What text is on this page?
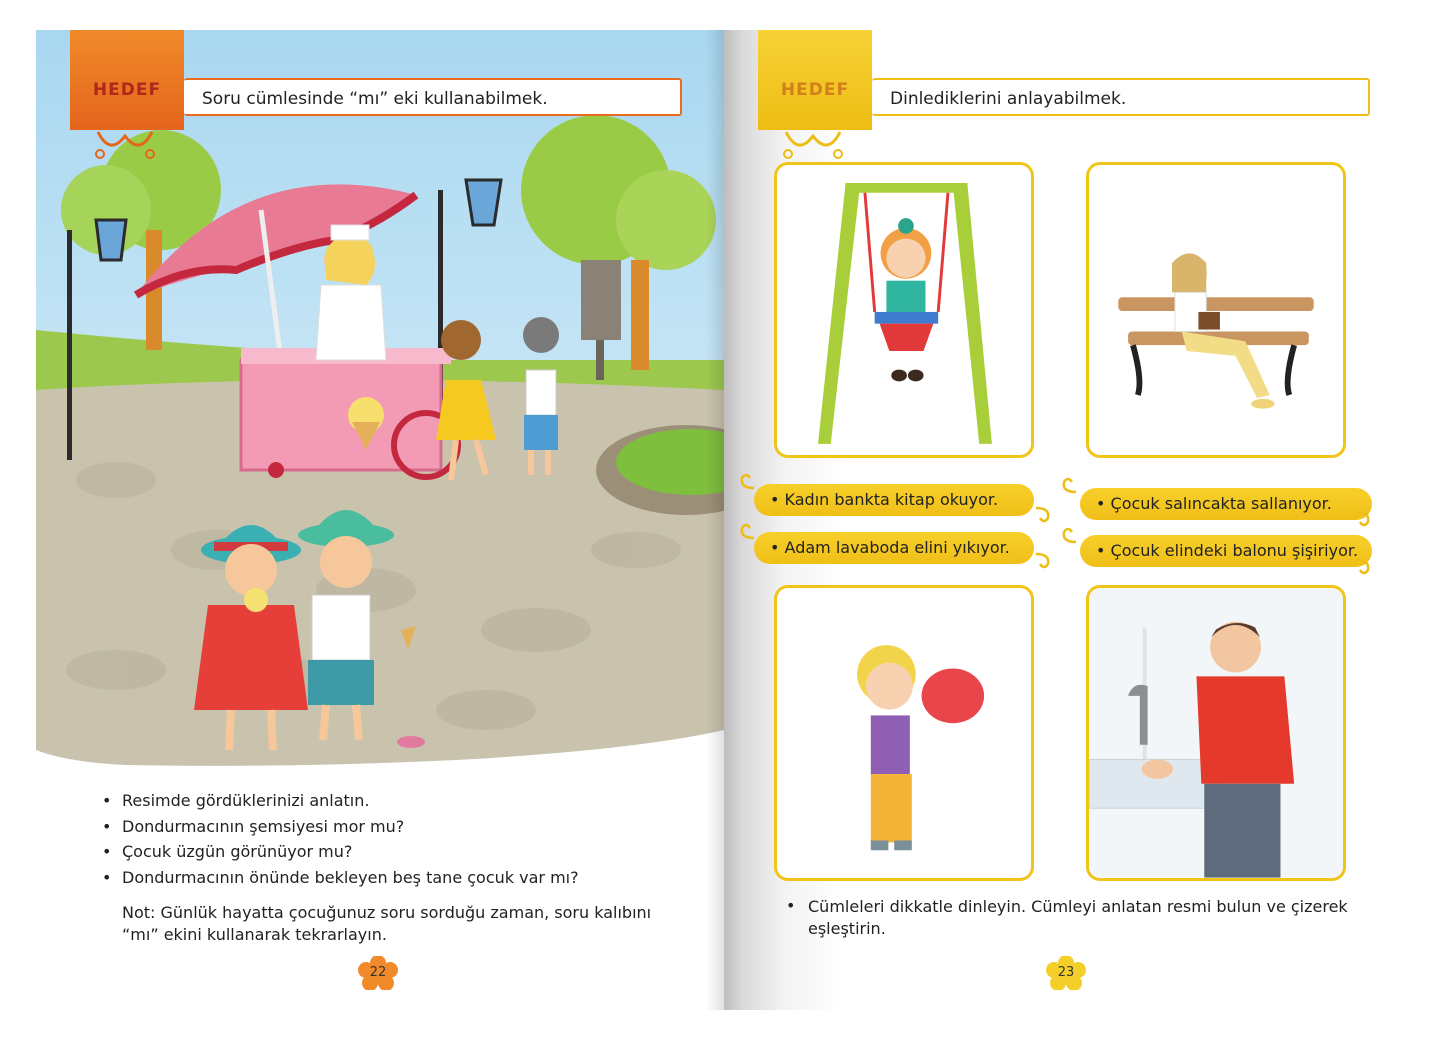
HEDEF	Soru cümlesinde “mı” eki kullanabilmek.
• Resimde gördüklerinizi anlatın.
• Dondurmacının şemsiyesi mor mu?
• Çocuk üzgün görünüyor mu?
• Dondurmacının önünde bekleyen beş tane çocuk var mı?
Not: Günlük hayatta çocuğunuz soru sorduğu zaman, soru kalıbını “mı” ekini kullanarak tekrarlayın.
22
HEDEF	Dinlediklerini anlayabilmek.
• Kadın bankta kitap okuyor.	• Çocuk salıncakta sallanıyor.
• Adam lavaboda elini yıkıyor.	• Çocuk elindeki balonu şişiriyor.
• Cümleleri dikkatle dinleyin. Cümleyi anlatan resmi bulun ve çizerek eşleştirin.
23
